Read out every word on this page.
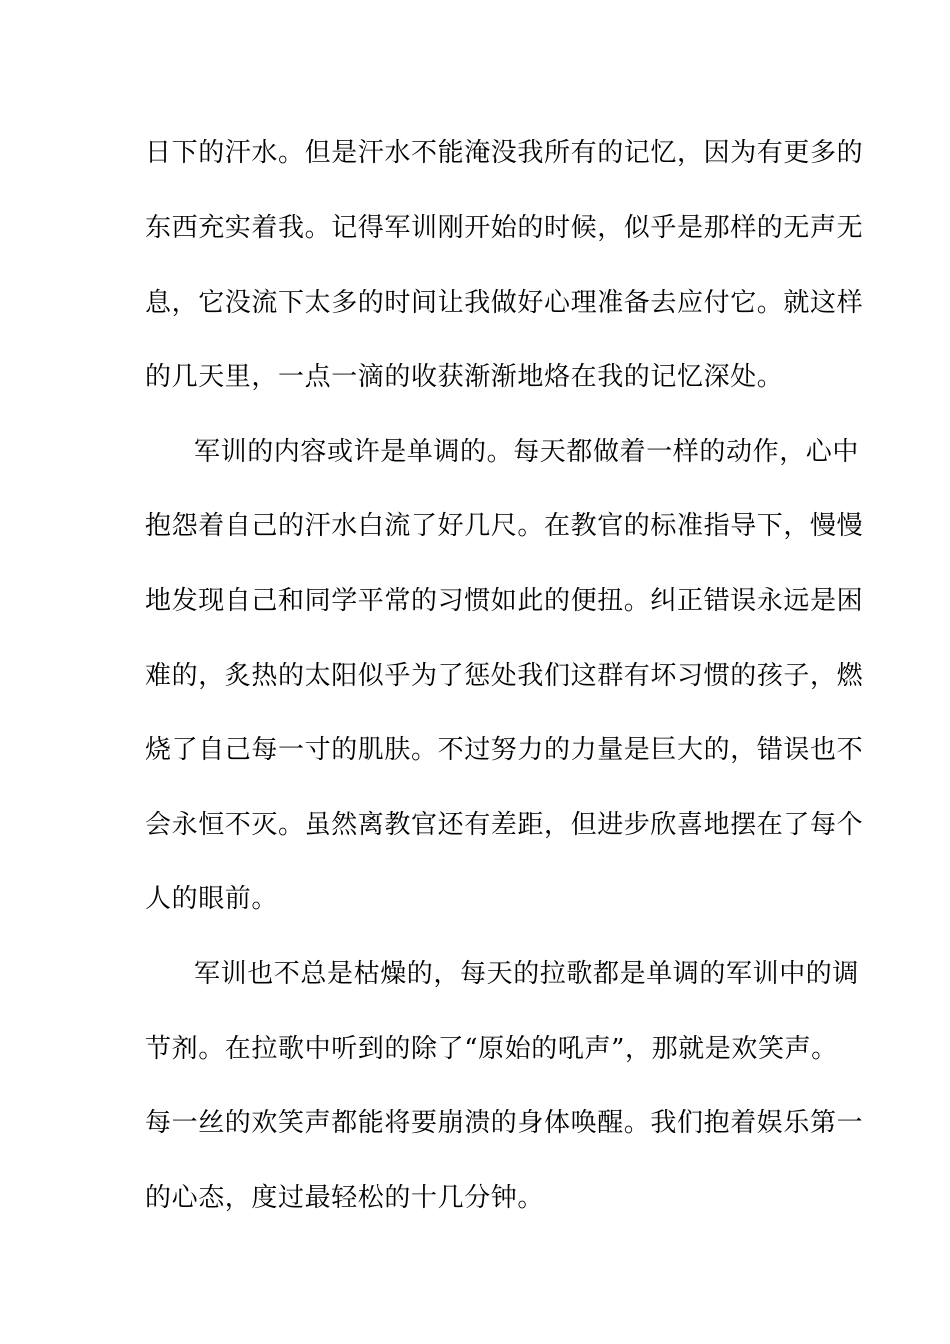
日下的汗水。但是汗水不能淹没我所有的记忆，因为有更多的
东西充实着我。记得军训刚开始的时候，似乎是那样的无声无
息，它没流下太多的时间让我做好心理准备去应付它。就这样
的几天里，一点一滴的收获渐渐地烙在我的记忆深处。
军训的内容或许是单调的。每天都做着一样的动作，心中
抱怨着自己的汗水白流了好几尺。在教官的标准指导下，慢慢
地发现自己和同学平常的习惯如此的便扭。纠正错误永远是困
难的，炙热的太阳似乎为了惩处我们这群有坏习惯的孩子，燃
烧了自己每一寸的肌肤。不过努力的力量是巨大的，错误也不
会永恒不灭。虽然离教官还有差距，但进步欣喜地摆在了每个
人的眼前。
军训也不总是枯燥的，每天的拉歌都是单调的军训中的调
节剂。在拉歌中听到的除了“原始的吼声”，那就是欢笑声。
每一丝的欢笑声都能将要崩溃的身体唤醒。我们抱着娱乐第一
的心态，度过最轻松的十几分钟。
